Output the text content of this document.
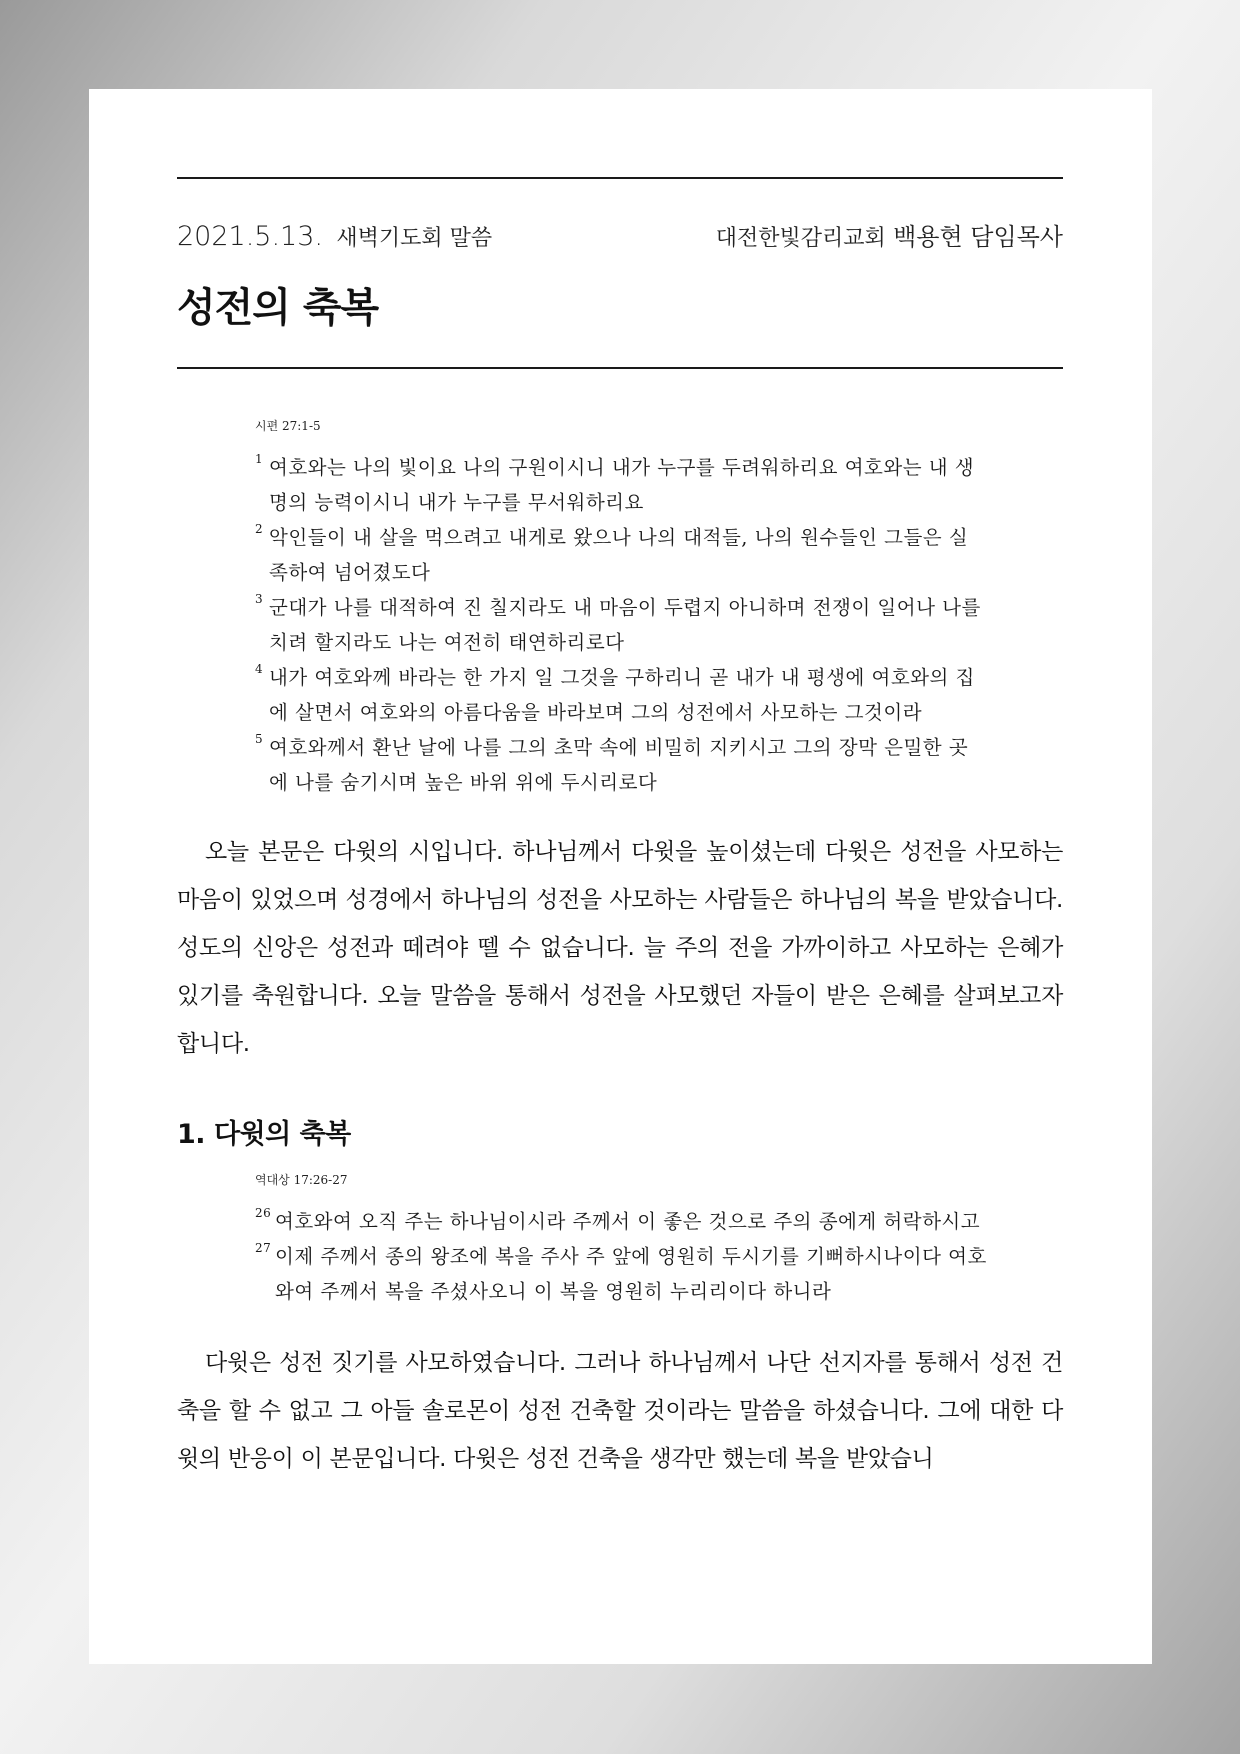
2021.5.13. 새벽기도회 말씀	대전한빛감리교회 백용현 담임목사
성전의 축복
시편 27:1-5
1 여호와는 나의 빛이요 나의 구원이시니 내가 누구를 두려워하리요 여호와는 내 생명의 능력이시니 내가 누구를 무서워하리요
2 악인들이 내 살을 먹으려고 내게로 왔으나 나의 대적들, 나의 원수들인 그들은 실족하여 넘어졌도다
3 군대가 나를 대적하여 진 칠지라도 내 마음이 두렵지 아니하며 전쟁이 일어나 나를 치려 할지라도 나는 여전히 태연하리로다
4 내가 여호와께 바라는 한 가지 일 그것을 구하리니 곧 내가 내 평생에 여호와의 집에 살면서 여호와의 아름다움을 바라보며 그의 성전에서 사모하는 그것이라
5 여호와께서 환난 날에 나를 그의 초막 속에 비밀히 지키시고 그의 장막 은밀한 곳에 나를 숨기시며 높은 바위 위에 두시리로다

오늘 본문은 다윗의 시입니다. 하나님께서 다윗을 높이셨는데 다윗은 성전을 사모하는 마음이 있었으며 성경에서 하나님의 성전을 사모하는 사람들은 하나님의 복을 받았습니다. 성도의 신앙은 성전과 떼려야 뗄 수 없습니다. 늘 주의 전을 가까이하고 사모하는 은혜가 있기를 축원합니다. 오늘 말씀을 통해서 성전을 사모했던 자들이 받은 은혜를 살펴보고자 합니다.

1. 다윗의 축복
역대상 17:26-27
26 여호와여 오직 주는 하나님이시라 주께서 이 좋은 것으로 주의 종에게 허락하시고
27 이제 주께서 종의 왕조에 복을 주사 주 앞에 영원히 두시기를 기뻐하시나이다 여호와여 주께서 복을 주셨사오니 이 복을 영원히 누리리이다 하니라

다윗은 성전 짓기를 사모하였습니다. 그러나 하나님께서 나단 선지자를 통해서 성전 건축을 할 수 없고 그 아들 솔로몬이 성전 건축할 것이라는 말씀을 하셨습니다. 그에 대한 다윗의 반응이 이 본문입니다. 다윗은 성전 건축을 생각만 했는데 복을 받았습니
